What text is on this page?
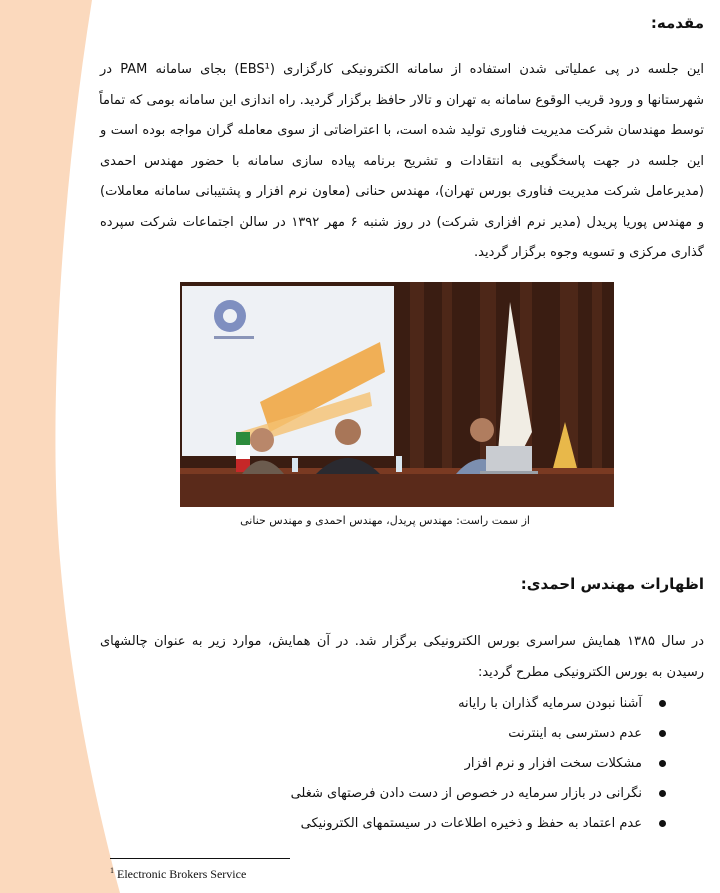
مقدمه:
این جلسه در پی عملیاتی شدن استفاده از سامانه الکترونیکی کارگزاری (EBS¹) بجای سامانه PAM در
شهرستانها و ورود قریب الوقوع سامانه به تهران و تالار حافظ برگزار گردید. راه اندازی این سامانه بومی که تماماً
توسط مهندسان شرکت مدیریت فناوری تولید شده است، با اعتراضاتی از سوی معامله گران مواجه بوده است و
این جلسه در جهت پاسخگویی به انتقادات و تشریح برنامه پیاده سازی سامانه با حضور مهندس احمدی
(مدیرعامل شرکت مدیریت فناوری بورس تهران)، مهندس حنانی (معاون نرم افزار و پشتیبانی سامانه معاملات)
و مهندس پوریا پریدل (مدیر نرم افزاری شرکت) در روز شنبه ۶ مهر ۱۳۹۲ در سالن اجتماعات شرکت سپرده
گذاری مرکزی و تسویه وجوه برگزار گردید.
از سمت راست: مهندس پریدل، مهندس احمدی و مهندس حنانی
اظهارات مهندس احمدی:
در سال ۱۳۸۵ همایش سراسری بورس الکترونیکی برگزار شد. در آن همایش، موارد زیر به عنوان چالشهای
رسیدن به بورس الکترونیکی مطرح گردید:
آشنا نبودن سرمایه گذاران با رایانه
عدم دسترسی به اینترنت
مشکلات سخت افزار و نرم افزار
نگرانی در بازار سرمایه در خصوص از دست دادن فرصتهای شغلی
عدم اعتماد به حفظ و ذخیره اطلاعات در سیستمهای الکترونیکی
$^1$ Electronic Brokers Service
